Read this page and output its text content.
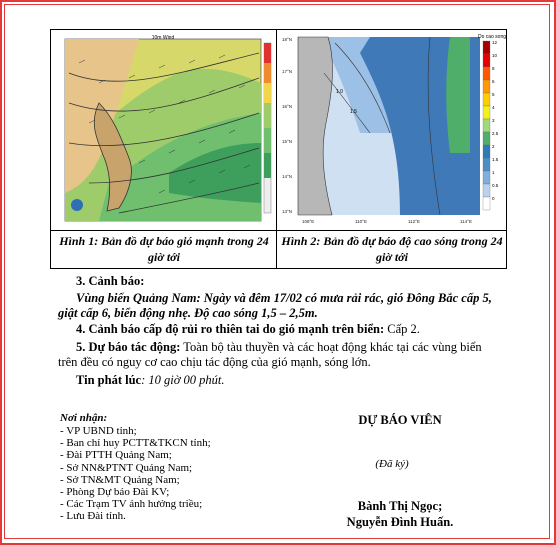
10m Wind
1.0
1.5
18°N
17°N
16°N
15°N
14°N
13°N
108°E	110°E	112°E	114°E
Do cao song
12
10
8
6
5
4
3
2.5
2
1.5
1
0.5
0
Hình 1: Bản đồ dự báo gió mạnh trong 24 giờ tới
Hình 2: Bản đồ dự báo độ cao sóng trong 24 giờ tới
3. Cảnh báo:
Vùng biển Quảng Nam: Ngày và đêm 17/02 có mưa rải rác, gió Đông Bắc cấp 5,
giật cấp 6, biển động nhẹ. Độ cao sóng 1,5 – 2,5m.
4. Cảnh báo cấp độ rủi ro thiên tai do gió mạnh trên biển: Cấp 2.
5. Dự báo tác động: Toàn bộ tàu thuyền và các hoạt động khác tại các vùng biển
trên đều có nguy cơ cao chịu tác động của gió mạnh, sóng lớn.
Tin phát lúc: 10 giờ 00 phút.
Nơi nhận:
- VP UBND tỉnh;
- Ban chỉ huy PCTT&TKCN tỉnh;
- Đài PTTH Quảng Nam;
- Sở NN&PTNT Quảng Nam;
- Sở TN&MT Quảng Nam;
- Phòng Dự báo Đài KV;
- Các Trạm TV ảnh hưởng triều;
- Lưu Đài tỉnh.
DỰ BÁO VIÊN
(Đã ký)
Bành Thị Ngọc;
Nguyễn Đình Huấn.
